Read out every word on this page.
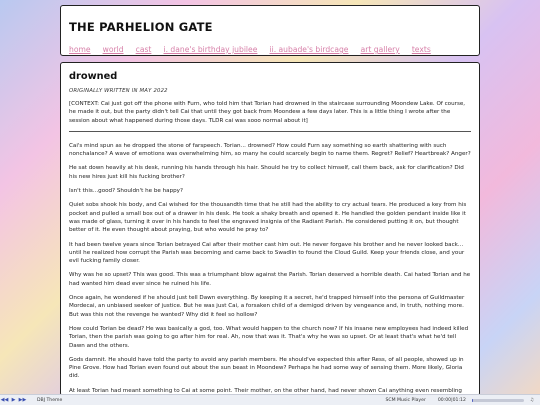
THE PARHELION GATE
home world cast i. dane's birthday jubilee ii. aubade's birdcage art gallery texts
drowned
ORIGINALLY WRITTEN IN MAY 2022

[CONTEXT: Cai just got off the phone with Furn, who told him that Torian had drowned in the staircase surrounding Moondew Lake. Of course, he made it out, but the party didn't tell Cai that until they got back from Moondew a few days later. This is a little thing I wrote after the session about what happened during those days. TLDR cai was sooo normal about it]

Cai's mind spun as he dropped the stone of farspeech. Torian... drowned? How could Furn say something so earth shattering with such nonchalance? A wave of emotions was overwhelming him, so many he could scarcely begin to name them. Regret? Relief? Heartbreak? Anger?

He sat down heavily at his desk, running his hands through his hair. Should he try to collect himself, call them back, ask for clarification? Did his new hires just kill his fucking brother?

Isn't this...good? Shouldn't he be happy?

Quiet sobs shook his body, and Cai wished for the thousandth time that he still had the ability to cry actual tears. He produced a key from his pocket and pulled a small box out of a drawer in his desk. He took a shaky breath and opened it. He handled the golden pendant inside like it was made of glass, turning it over in his hands to feel the engraved insignia of the Radiant Parish. He considered putting it on, but thought better of it. He even thought about praying, but who would he pray to?

It had been twelve years since Torian betrayed Cai after their mother cast him out. He never forgave his brother and he never looked back... until he realized how corrupt the Parish was becoming and came back to Swadlin to found the Cloud Guild. Keep your friends close, and your evil fucking family closer.

Why was he so upset? This was good. This was a triumphant blow against the Parish. Torian deserved a horrible death. Cai hated Torian and he had wanted him dead ever since he ruined his life.

Once again, he wondered if he should just tell Dawn everything. By keeping it a secret, he'd trapped himself into the persona of Guildmaster Mordecai, an unbiased seeker of justice. But he was just Cai, a forsaken child of a demigod driven by vengeance and, in truth, nothing more. But was this not the revenge he wanted? Why did it feel so hollow?

How could Torian be dead? He was basically a god, too. What would happen to the church now? If his insane new employees had indeed killed Torian, then the parish was going to go after him for real. Ah, now that was it. That's why he was so upset. Or at least that's what he'd tell Dawn and the others.

Gods damnit. He should have told the party to avoid any parish members. He should've expected this after Ress, of all people, showed up in Pine Grove. How had Torian even found out about the sun beast in Moondew? Perhaps he had some way of sensing them. More likely, Gloria did.

At least Torian had meant something to Cai at some point. Their mother, on the other hand, had never shown Cai anything even resembling

◀◀ ▶ ▶▶ DBJ Theme	SCM Music Player	00:00|01:12	♫
